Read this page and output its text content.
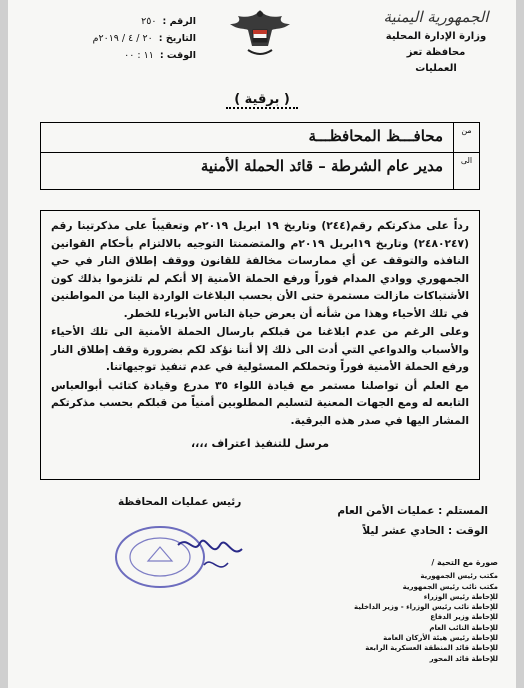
الجمهورية اليمنية
وزارة الإدارة المحلية
محافظة تعز
العمليات
الرقم :٢٥٠
التاريخ :٢٠ / ٤ / ٢٠١٩م
الوقت :١١ : ٠٠
( برقية )
من
محافـــظ المحافظـــة
الى
مدير عام الشرطة – قائد الحملة الأمنية

رداً على مذكرتكم رقم(٢٤٤) وتاريخ ١٩ ابريل ٢٠١٩م وتعقيباً على مذكرتينا رقم (٢٤٨٠٢٤٧) وتاريخ ١٩ابريل ٢٠١٩م والمتضمنتا التوجيه بالالتزام بأحكام القوانين النافذه والتوقف عن أي ممارسات مخالفة للقانون ووقف إطلاق النار في حي الجمهوري ووادي المدام فوراً ورفع الحملة الأمنية إلا أنكم لم تلتزموا بذلك كون الأشتباكات مازالت مستمرة حتى الأن بحسب البلاغات الواردة الينا من المواطنين في تلك الأحياء وهذا من شأنه أن يعرض حياة الناس الأبرياء للخطر.

وعلى الرغم من عدم ابلاغنا من قبلكم بارسال الحملة الأمنية الى تلك الأحياء والأسباب والدواعي التي أدت الى ذلك إلا أننا نؤكد لكم بضرورة وقف إطلاق النار ورفع الحملة الأمنية فوراً وتحملكم المسئولية في عدم تنفيذ توجيهاتنا.

مع العلم أن تواصلنا مستمر مع قيادة اللواء ٣٥ مدرع وقيادة كتائب أبوالعباس التابعه له ومع الجهات المعنية لتسليم المطلوبين أمنياً من قبلكم بحسب مذكرتكم المشار اليها في صدر هذه البرقية.

مرسل للتنفيذ اعتراف ،،،،
رئيس عمليات المحافظة
المستلم : عمليات الأمن العام
الوقت : الحادي عشر ليلاً
صورة مع التحية /
مكتب رئيس الجمهورية
مكتب نائب رئيس الجمهورية
للإحاطة رئيس الوزراء
للإحاطة نائب رئيس الوزراء - وزير الداخلية
للإحاطة وزير الدفاع
للإحاطة النائب العام
للإحاطة رئيس هيئة الأركان العامة
للإحاطة قائد المنطقة العسكرية الرابعة
للإحاطة قائد المحور
